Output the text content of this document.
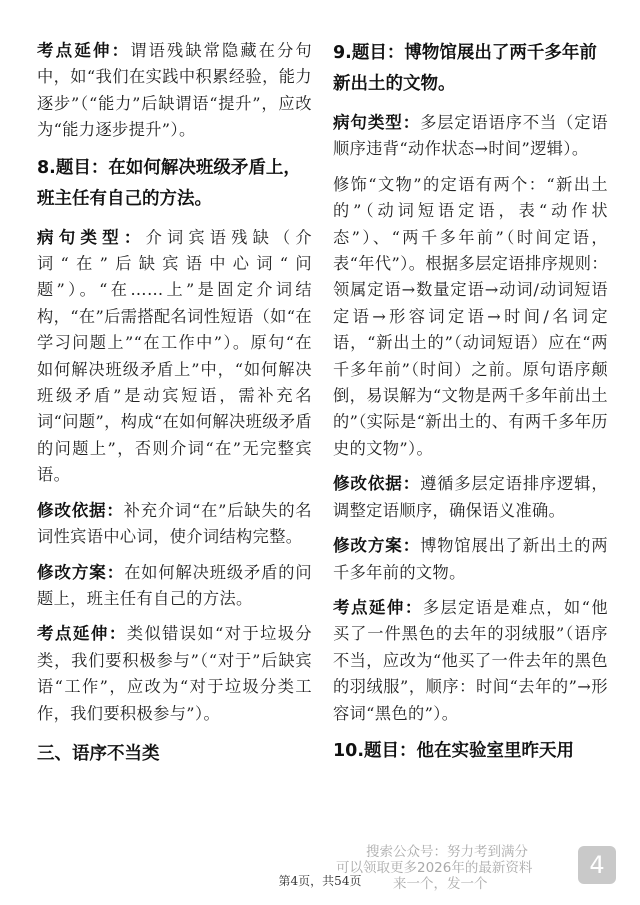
考点延伸：谓语残缺常隐藏在分句中，如“我们在实践中积累经验，能力逐步”（“能力”后缺谓语“提升”，应改为“能力逐步提升”）。

8.题目：在如何解决班级矛盾上，班主任有自己的方法。

病句类型：介词宾语残缺（介词“在”后缺宾语中心词“问题”）。“在……上”是固定介词结构，“在”后需搭配名词性短语（如“在学习问题上”“在工作中”）。原句“在如何解决班级矛盾上”中，“如何解决班级矛盾”是动宾短语，需补充名词“问题”，构成“在如何解决班级矛盾的问题上”，否则介词“在”无完整宾语。

修改依据：补充介词“在”后缺失的名词性宾语中心词，使介词结构完整。

修改方案：在如何解决班级矛盾的问题上，班主任有自己的方法。

考点延伸：类似错误如“对于垃圾分类，我们要积极参与”（“对于”后缺宾语“工作”，应改为“对于垃圾分类工作，我们要积极参与”）。

三、语序不当类
9.题目：博物馆展出了两千多年前新出土的文物。

病句类型：多层定语语序不当（定语顺序违背“动作状态→时间”逻辑）。

修饰“文物”的定语有两个：“新出土的”（动词短语定语，表“动作状态”）、“两千多年前”（时间定语，表“年代”）。根据多层定语排序规则：领属定语→数量定语→动词/动词短语定语→形容词定语→时间/名词定语，“新出土的”（动词短语）应在“两千多年前”（时间）之前。原句语序颠倒，易误解为“文物是两千多年前出土的”（实际是“新出土的、有两千多年历史的文物”）。

修改依据：遵循多层定语排序逻辑，调整定语顺序，确保语义准确。

修改方案：博物馆展出了新出土的两千多年前的文物。

考点延伸：多层定语是难点，如“他买了一件黑色的去年的羽绒服”（语序不当，应改为“他买了一件去年的黑色的羽绒服”，顺序：时间“去年的”→形容词“黑色的”）。

10.题目：他在实验室里昨天用
搜索公众号：努力考到满分
可以领取更多2026年的最新资料
来一个，发一个
4
第4页，共54页
